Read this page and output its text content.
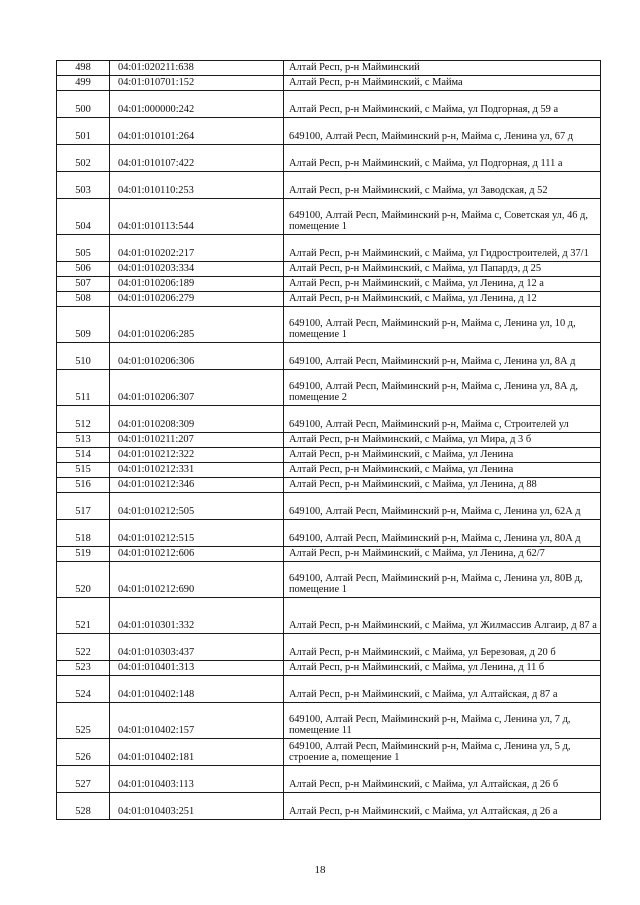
498	04:01:020211:638	Алтай Респ, р-н Майминский
499	04:01:010701:152	Алтай Респ, р-н Майминский, с Майма
500	04:01:000000:242	Алтай Респ, р-н Майминский, с Майма, ул Подгорная, д 59 а
501	04:01:010101:264	649100, Алтай Респ, Майминский р-н, Майма с, Ленина ул, 67 д
502	04:01:010107:422	Алтай Респ, р-н Майминский, с Майма, ул Подгорная, д 111 а
503	04:01:010110:253	Алтай Респ, р-н Майминский, с Майма, ул Заводская, д 52
504	04:01:010113:544	649100, Алтай Респ, Майминский р-н, Майма с, Советская ул, 46 д, помещение 1
505	04:01:010202:217	Алтай Респ, р-н Майминский, с Майма, ул Гидростроителей, д 37/1
506	04:01:010203:334	Алтай Респ, р-н Майминский, с Майма, ул Папардэ, д 25
507	04:01:010206:189	Алтай Респ, р-н Майминский, с Майма, ул Ленина, д 12 а
508	04:01:010206:279	Алтай Респ, р-н Майминский, с Майма, ул Ленина, д 12
509	04:01:010206:285	649100, Алтай Респ, Майминский р-н, Майма с, Ленина ул, 10 д, помещение 1
510	04:01:010206:306	649100, Алтай Респ, Майминский р-н, Майма с, Ленина ул, 8А д
511	04:01:010206:307	649100, Алтай Респ, Майминский р-н, Майма с, Ленина ул, 8А д, помещение 2
512	04:01:010208:309	649100, Алтай Респ, Майминский р-н, Майма с, Строителей ул
513	04:01:010211:207	Алтай Респ, р-н Майминский, с Майма, ул Мира, д 3 б
514	04:01:010212:322	Алтай Респ, р-н Майминский, с Майма, ул Ленина
515	04:01:010212:331	Алтай Респ, р-н Майминский, с Майма, ул Ленина
516	04:01:010212:346	Алтай Респ, р-н Майминский, с Майма, ул Ленина, д 88
517	04:01:010212:505	649100, Алтай Респ, Майминский р-н, Майма с, Ленина ул, 62А д
518	04:01:010212:515	649100, Алтай Респ, Майминский р-н, Майма с, Ленина ул, 80А д
519	04:01:010212:606	Алтай Респ, р-н Майминский, с Майма, ул Ленина, д 62/7
520	04:01:010212:690	649100, Алтай Респ, Майминский р-н, Майма с, Ленина ул, 80В д, помещение 1
521	04:01:010301:332	Алтай Респ, р-н Майминский, с Майма, ул Жилмассив Алгаир, д 87 а
522	04:01:010303:437	Алтай Респ, р-н Майминский, с Майма, ул Березовая, д 20 б
523	04:01:010401:313	Алтай Респ, р-н Майминский, с Майма, ул Ленина, д 11 б
524	04:01:010402:148	Алтай Респ, р-н Майминский, с Майма, ул Алтайская, д 87 а
525	04:01:010402:157	649100, Алтай Респ, Майминский р-н, Майма с, Ленина ул, 7 д, помещение 11
526	04:01:010402:181	649100, Алтай Респ, Майминский р-н, Майма с, Ленина ул, 5 д, строение а, помещение 1
527	04:01:010403:113	Алтай Респ, р-н Майминский, с Майма, ул Алтайская, д 26 б
528	04:01:010403:251	Алтай Респ, р-н Майминский, с Майма, ул Алтайская, д 26 а
18
